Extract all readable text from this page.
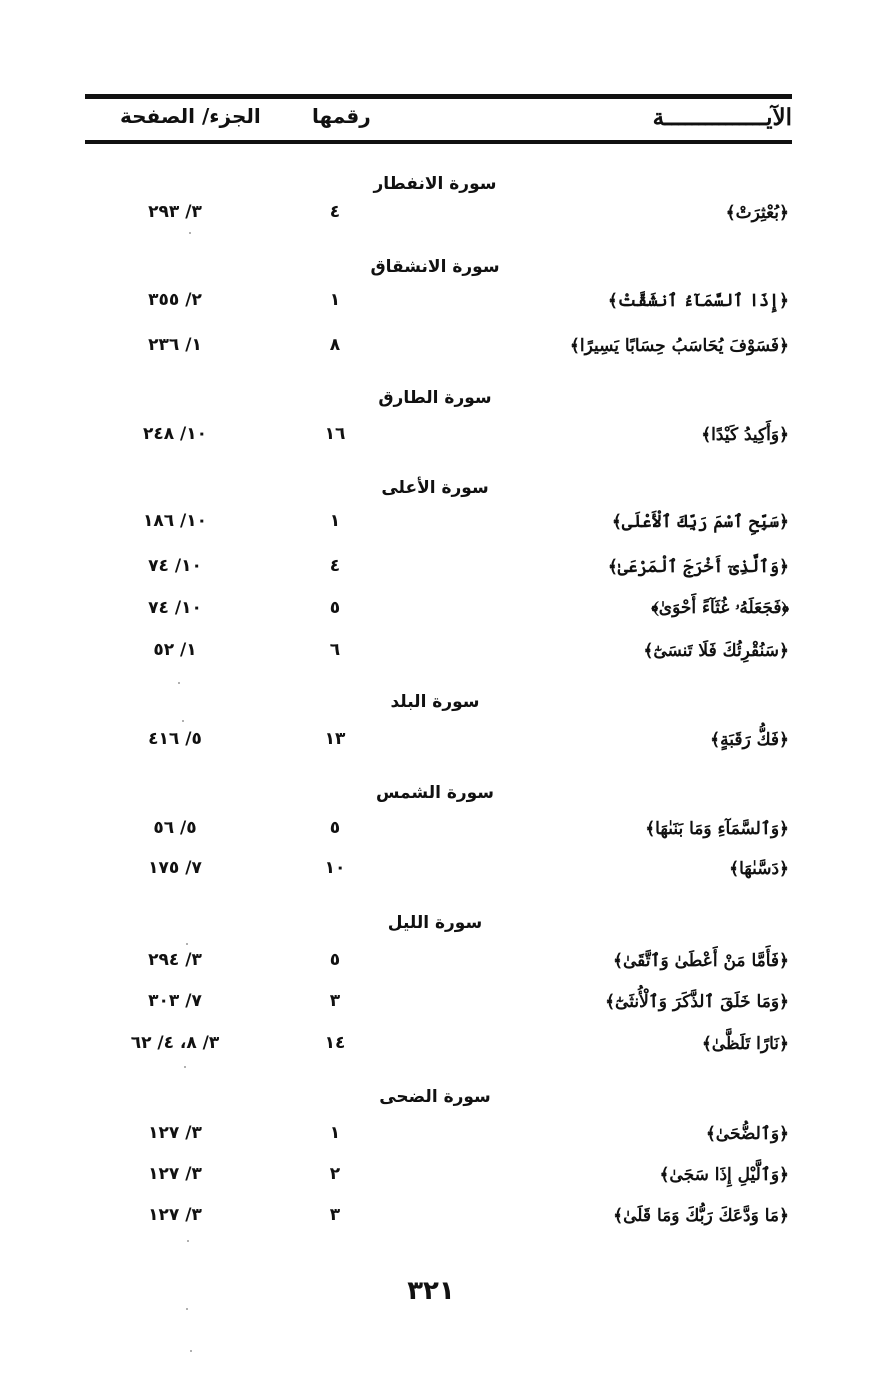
الآيـــــــــــــــة
رقمها
الجزء/ الصفحة
سورة الانفطار
﴿بُعْثِرَتْ﴾
٤
٣/ ٢٩٣
سورة الانشقاق
﴿إِذَا ٱلسَّمَآءُ ٱنشَقَّتْ﴾
١
٢/ ٣٥٥
﴿فَسَوْفَ يُحَاسَبُ حِسَابًا يَسِيرًا﴾
٨
١/ ٢٣٦
سورة الطارق
﴿وَأَكِيدُ كَيْدًا﴾
١٦
١٠/ ٢٤٨
سورة الأعلى
﴿سَبِّحِ ٱسْمَ رَبِّكَ ٱلْأَعْلَى﴾
١
١٠/ ١٨٦
﴿وَٱلَّذِىٓ أَخْرَجَ ٱلْمَرْعَىٰ﴾
٤
١٠/ ٧٤
﴿فَجَعَلَهُۥ غُثَآءً أَحْوَىٰ﴾
٥
١٠/ ٧٤
﴿سَنُقْرِئُكَ فَلَا تَنسَىٰٓ﴾
٦
١/ ٥٢
سورة البلد
﴿فَكُّ رَقَبَةٍ﴾
١٣
٥/ ٤١٦
سورة الشمس
﴿وَٱلسَّمَآءِ وَمَا بَنَىٰهَا﴾
٥
٥/ ٥٦
﴿دَسَّىٰهَا﴾
١٠
٧/ ١٧٥
سورة الليل
﴿فَأَمَّا مَنْ أَعْطَىٰ وَٱتَّقَىٰ﴾
٥
٣/ ٢٩٤
﴿وَمَا خَلَقَ ٱلذَّكَرَ وَٱلْأُنثَىٰٓ﴾
٣
٧/ ٣٠٣
﴿نَارًا تَلَظَّىٰ﴾
١٤
٣/ ٨، ٤/ ٦٢
سورة الضحى
﴿وَٱلضُّحَىٰ﴾
١
٣/ ١٢٧
﴿وَٱلَّيْلِ إِذَا سَجَىٰ﴾
٢
٣/ ١٢٧
﴿مَا وَدَّعَكَ رَبُّكَ وَمَا قَلَىٰ﴾
٣
٣/ ١٢٧
٣٢١
